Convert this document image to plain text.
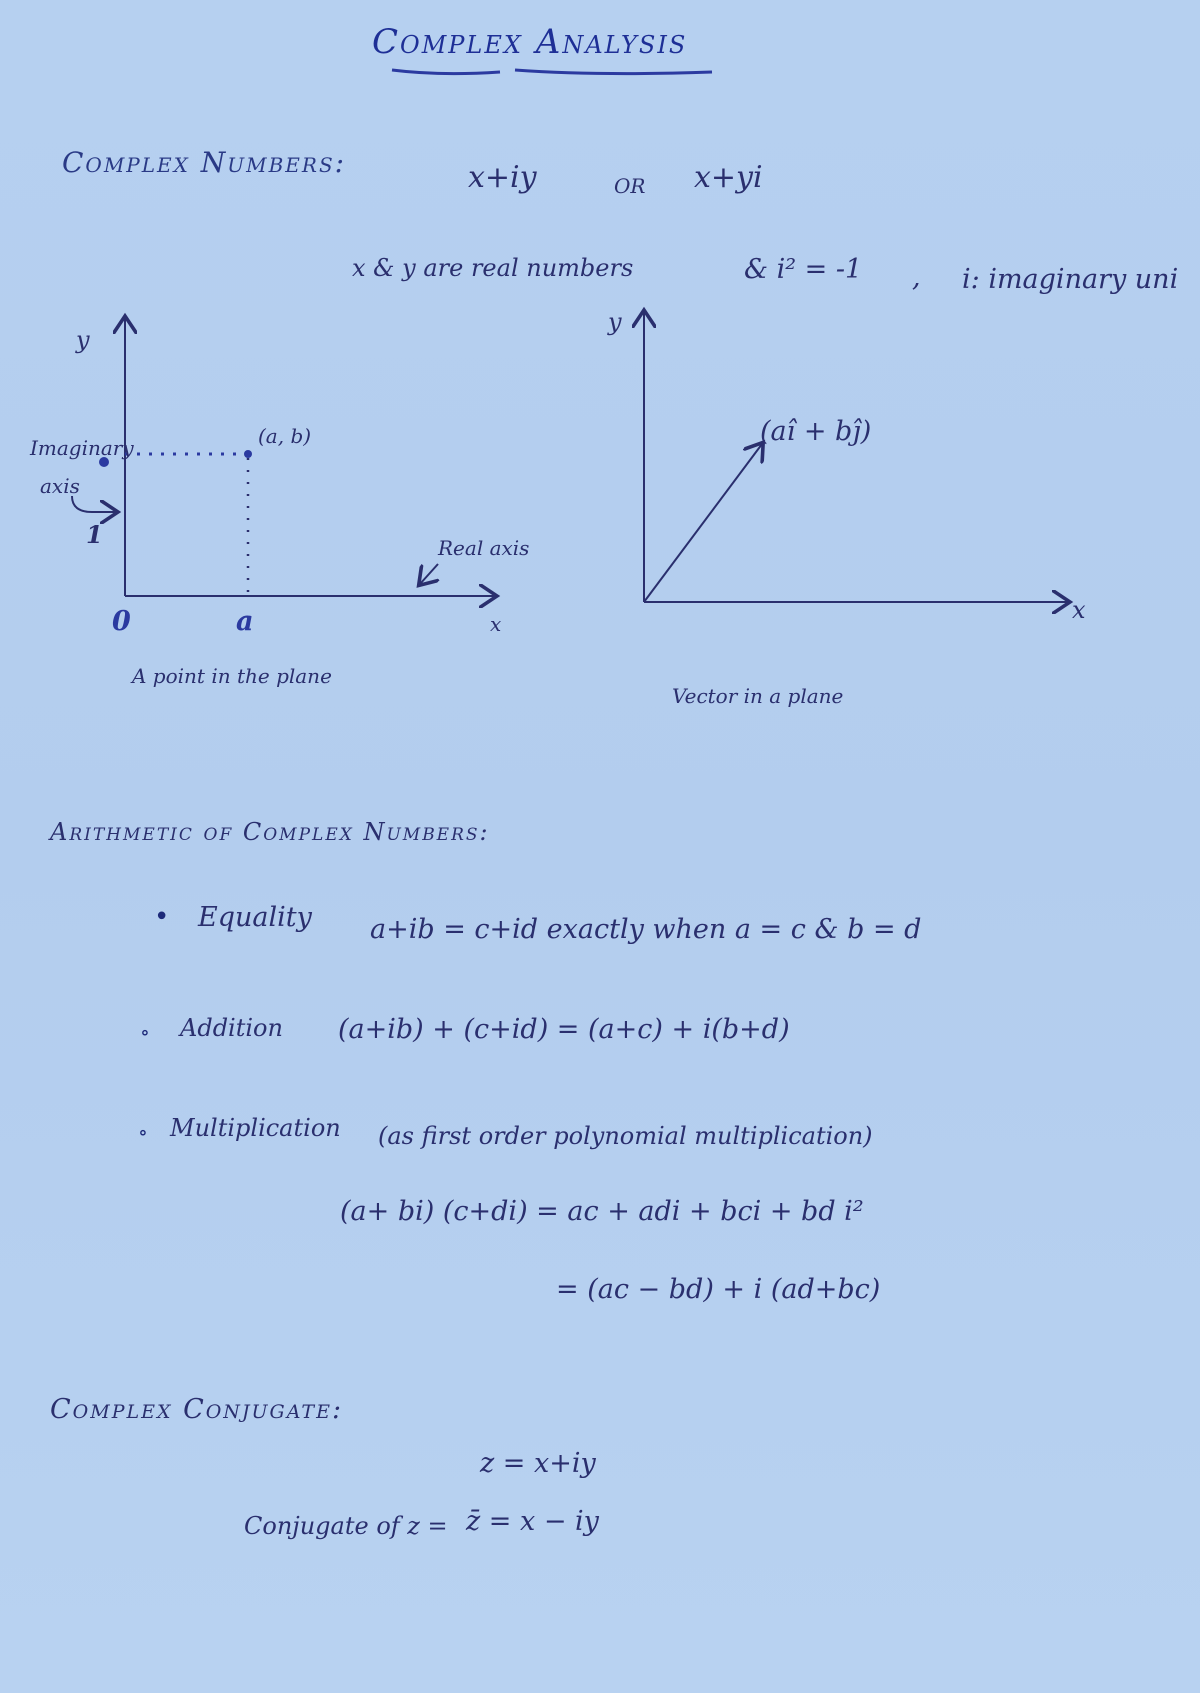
Complex Analysis
Complex Numbers:	x+iy	OR x+yi
x & y are real numbers	& i² = -1 , i: imaginary uni
y
Imaginary
axis
1
(a, b)
Real axis
0	a	x
A point in the plane
y
(aî + bĵ)
x
Vector in a plane
Arithmetic of Complex Numbers:
• Equality a+ib = c+id exactly when a = c & b = d
∘ Addition (a+ib) + (c+id) = (a+c) + i(b+d)
∘ Multiplication (as first order polynomial multiplication)
(a+ bi) (c+di) = ac + adi + bci + bd i²
= (ac − bd) + i (ad+bc)
Complex Conjugate:
z = x+iy
Conjugate of z = z̄ = x − iy
